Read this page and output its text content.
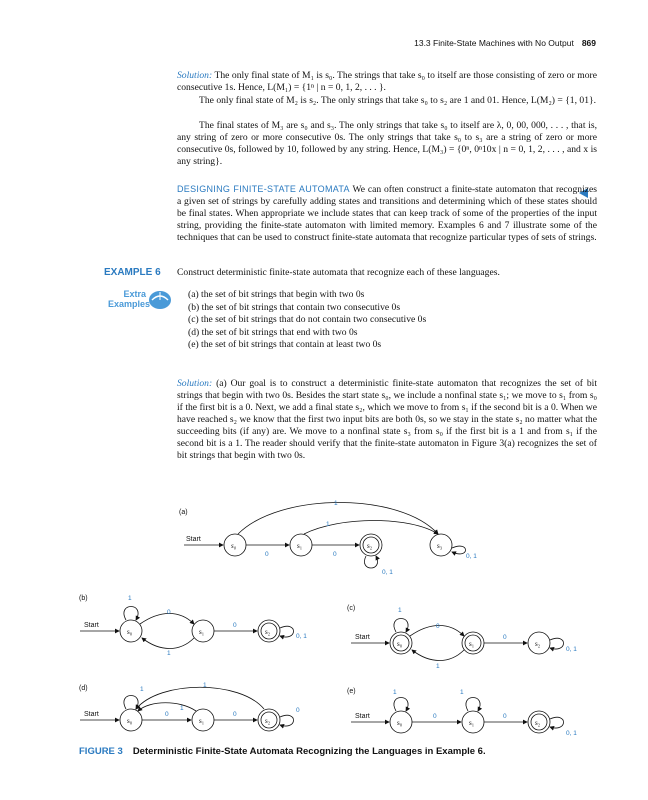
13.3 Finite-State Machines with No Output 869
Solution: The only final state of M₁ is s₀. The strings that take s₀ to itself are those consisting of zero or more consecutive 1s. Hence, L(M₁) = {1ⁿ | n = 0, 1, 2, . . . }.
The only final state of M₂ is s₂. The only strings that take s₀ to s₂ are 1 and 01. Hence, L(M₂) = {1, 01}.
The final states of M₃ are s₀ and s₃. The only strings that take s₀ to itself are λ, 0, 00, 000, . . . , that is, any string of zero or more consecutive 0s. The only strings that take s₀ to s₃ are a string of zero or more consecutive 0s, followed by 10, followed by any string. Hence, L(M₃) = {0ⁿ, 0ⁿ10x | n = 0, 1, 2, . . . , and x is any string}.
DESIGNING FINITE-STATE AUTOMATA We can often construct a finite-state automaton that recognizes a given set of strings by carefully adding states and transitions and determining which of these states should be final states. When appropriate we include states that can keep track of some of the properties of the input string, providing the finite-state automaton with limited memory. Examples 6 and 7 illustrate some of the techniques that can be used to construct finite-state automata that recognize particular types of sets of strings.
EXAMPLE 6 Construct deterministic finite-state automata that recognize each of these languages.
Extra
Examples
(a) the set of bit strings that begin with two 0s
(b) the set of bit strings that contain two consecutive 0s
(c) the set of bit strings that do not contain two consecutive 0s
(d) the set of bit strings that end with two 0s
(e) the set of bit strings that contain at least two 0s
Solution: (a) Our goal is to construct a deterministic finite-state automaton that recognizes the set of bit strings that begin with two 0s. Besides the start state s₀, we include a nonfinal state s₁; we move to s₁ from s₀ if the first bit is a 0. Next, we add a final state s₂, which we move to from s₁ if the second bit is a 0. When we have reached s₂ we know that the first two input bits are both 0s, so we stay in the state s₂ no matter what the succeeding bits (if any) are. We move to a nonfinal state s₃ from s₀ if the first bit is a 1 and from s₁ if the second bit is a 1. The reader should verify that the finite-state automaton in Figure 3(a) recognizes the set of bit strings that begin with two 0s.
(a)
Start
s₀
0
s₁
0
s₂
0, 1
s₃
0, 1
1
1
(b)
Start
s₀
1
0
s₁
1
0
s₂
0, 1
(c)
Start
s₀
1
0
s₁
1
0
s₂
0, 1
(d)
Start
s₀
1
0
s₁
1
0
s₂
0
1
(e)
Start
s₀
1
0
s₁
1
0
s₂
0, 1
FIGURE 3 Deterministic Finite-State Automata Recognizing the Languages in Example 6.
